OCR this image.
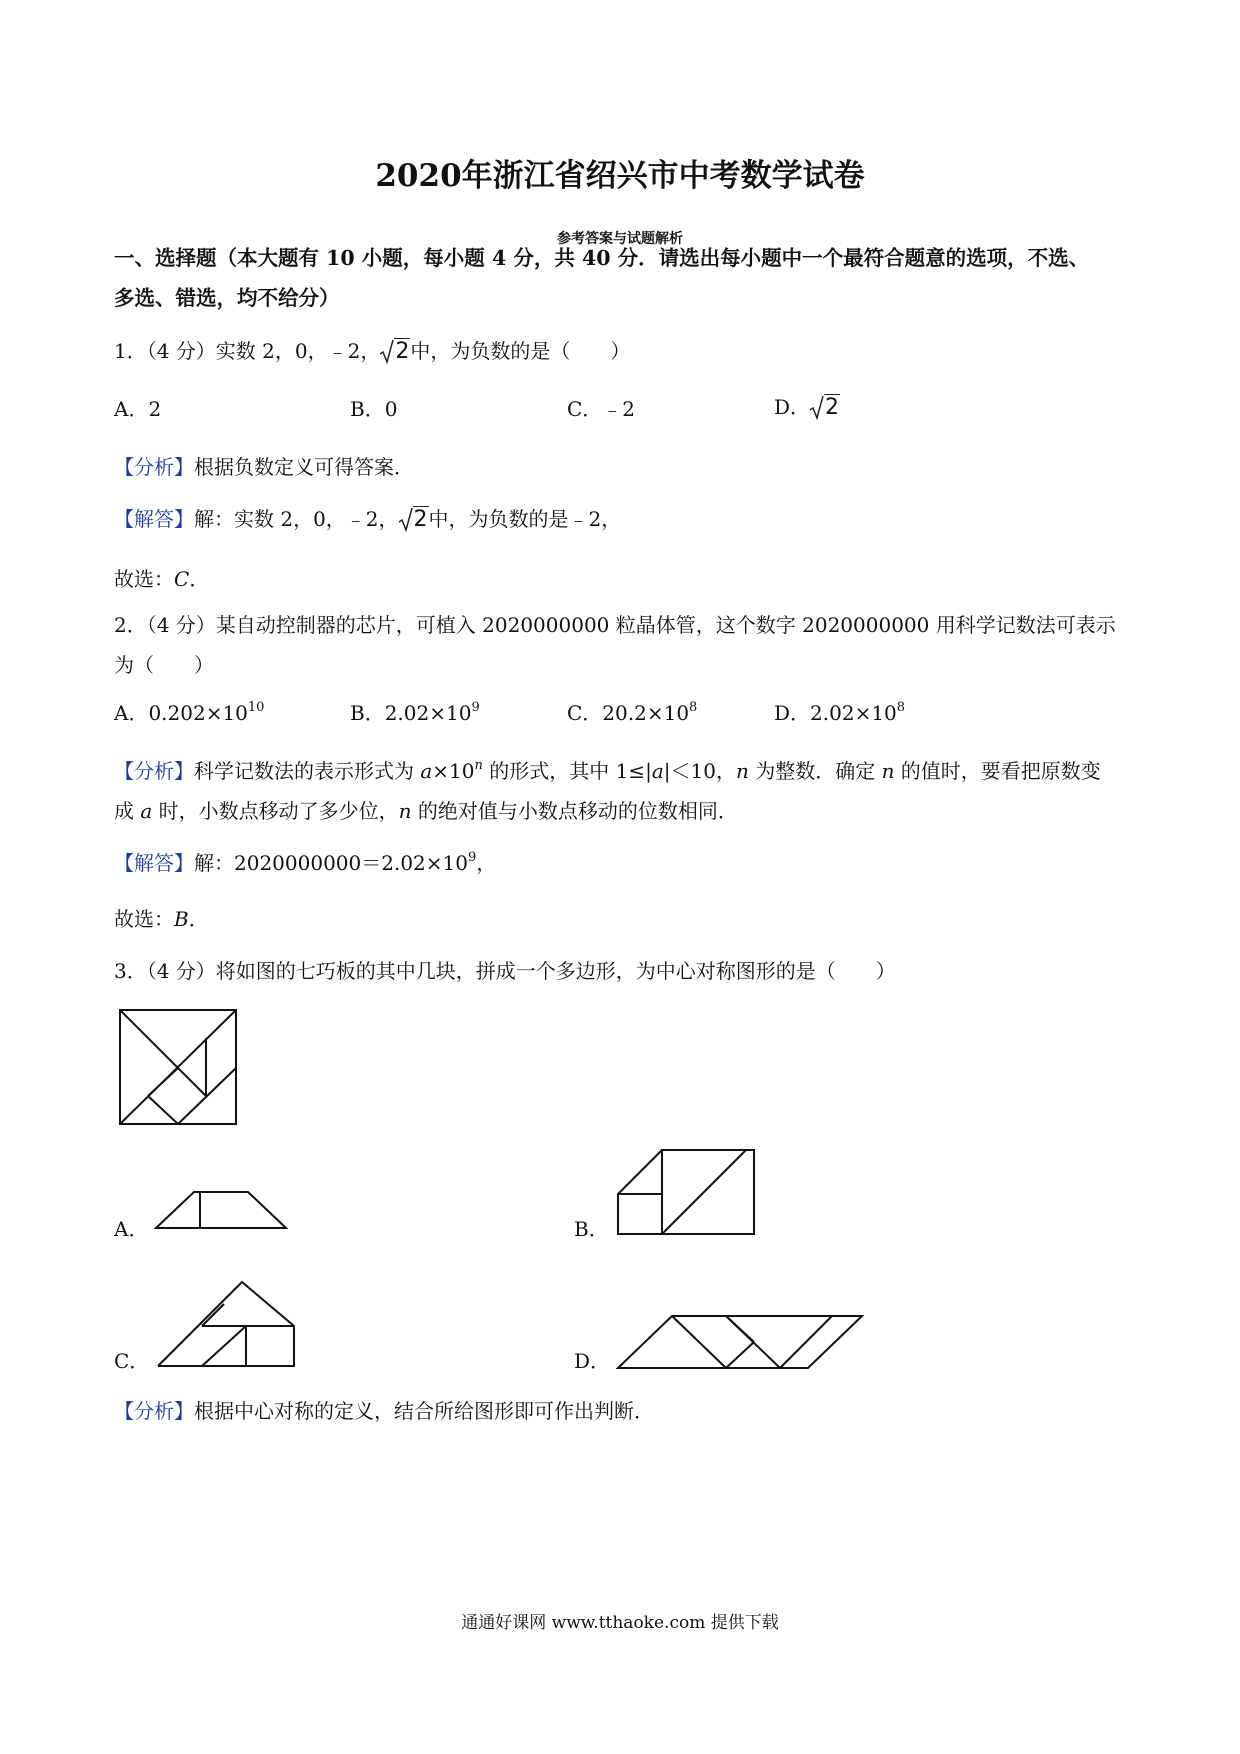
2020年浙江省绍兴市中考数学试卷
参考答案与试题解析
一、选择题（本大题有 10 小题，每小题 4 分，共 40 分．请选出每小题中一个最符合题意的选项，不选、
多选、错选，均不给分）
1．（4 分）实数 2，0，﹣2， 2中，为负数的是（　　）
A．2	B．0	C．﹣2	D． 2
【分析】根据负数定义可得答案．
【解答】解：实数 2，0，﹣2， 2中，为负数的是﹣2，
故选：C．
2．（4 分）某自动控制器的芯片，可植入 2020000000 粒晶体管，这个数字 2020000000 用科学记数法可表示
为（　　）
A．$0.202\times 10^{10}$	B．$2.02\times 10^9$	C．$20.2\times 10^8$	D．$2.02\times 10^8$
【分析】科学记数法的表示形式为 $a\times 10^n$ 的形式，其中 1≤|a|＜10，n 为整数．确定 n 的值时，要看把原数变
成 a 时，小数点移动了多少位，n 的绝对值与小数点移动的位数相同．
【解答】解：$2020000000=2.02\times 10^9$，
故选：B．
3．（4 分）将如图的七巧板的其中几块，拼成一个多边形，为中心对称图形的是（　　）
A．	B．
C．	D．
【分析】根据中心对称的定义，结合所给图形即可作出判断．
通通好课网 www.tthaoke.com 提供下载
